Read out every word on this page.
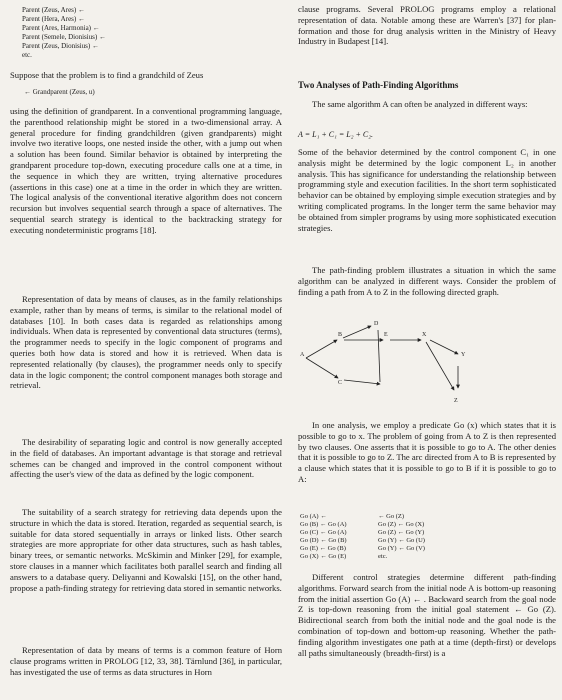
Parent (Zeus, Ares) ←
Parent (Hera, Ares) ←
Parent (Ares, Harmonia) ←
Parent (Semele, Dionisius) ←
Parent (Zeus, Dionisius) ←
etc.

Suppose that the problem is to find a grandchild of Zeus

← Grandparent (Zeus, u)

using the definition of grandparent. In a conventional programming language, the parenthood relationship might be stored in a two-dimensional array. A general procedure for finding grandchildren (given grandparents) might involve two iterative loops, one nested inside the other, with a jump out when a solution has been found. Similar behavior is obtained by interpreting the grandparent procedure top-down, executing procedure calls one at a time, in the sequence in which they are written, trying alternative procedures (assertions in this case) one at a time in the order in which they are written. The logical analysis of the conventional iterative algorithm does not concern recursion but involves sequential search through a space of alternatives. The sequential search strategy is identical to the backtracking strategy for executing nondeterministic programs [18].

Representation of data by means of clauses, as in the family relationships example, rather than by means of terms, is similar to the relational model of databases [10]. In both cases data is regarded as relationships among individuals. When data is represented by conventional data structures (terms), the programmer needs to specify in the logic component of programs and queries both how data is stored and how it is retrieved. When data is represented relationally (by clauses), the programmer needs only to specify data in the logic component; the control component manages both storage and retrieval.

The desirability of separating logic and control is now generally accepted in the field of databases. An important advantage is that storage and retrieval schemes can be changed and improved in the control component without affecting the user's view of the data as defined by the logic component.

The suitability of a search strategy for retrieving data depends upon the structure in which the data is stored. Iteration, regarded as sequential search, is suitable for data stored sequentially in arrays or linked lists. Other search strategies are more appropriate for other data structures, such as hash tables, binary trees, or semantic networks. McSkimin and Minker [29], for example, store clauses in a manner which facilitates both parallel search and finding all answers to a database query. Deliyanni and Kowalski [15], on the other hand, propose a path-finding strategy for retrieving data stored in semantic networks.

Representation of data by means of terms is a common feature of Horn clause programs written in PROLOG [12, 33, 38]. Tärnlund [36], in particular, has investigated the use of terms as data structures in Horn

clause programs. Several PROLOG programs employ a relational representation of data. Notable among these are Warren's [37] for plan-formation and those for drug analysis written in the Ministry of Heavy Industry in Budapest [14].

Two Analyses of Path-Finding Algorithms

The same algorithm A can often be analyzed in different ways:

A = L₁ + C₁ = L₂ + C₂.

Some of the behavior determined by the control component C₁ in one analysis might be determined by the logic component L₂ in another analysis. This has significance for understanding the relationship between programming style and execution facilities. In the short term sophisticated behavior can be obtained by employing simple execution strategies and by writing complicated programs. In the longer term the same behavior may be obtained from simpler programs by using more sophisticated execution strategies.

The path-finding problem illustrates a situation in which the same algorithm can be analyzed in different ways. Consider the problem of finding a path from A to Z in the following directed graph.

D
B	E	X
A	Y
C
Z

In one analysis, we employ a predicate Go (x) which states that it is possible to go to x. The problem of going from A to Z is then represented by two clauses. One asserts that it is possible to go to A. The other denies that it is possible to go to Z. The arc directed from A to B is represented by a clause which states that it is possible to go to B if it is possible to go to A:

Go (A) ←
Go (B) ← Go (A)
Go (C) ← Go (A)
Go (D) ← Go (B)
Go (E) ← Go (B)
Go (X) ← Go (E)
← Go (Z)
Go (Z) ← Go (X)
Go (Z) ← Go (Y)
Go (Y) ← Go (U)
Go (Y) ← Go (V)
etc.

Different control strategies determine different path-finding algorithms. Forward search from the initial node A is bottom-up reasoning from the initial assertion Go (A) ← . Backward search from the goal node Z is top-down reasoning from the initial goal statement ← Go (Z). Bidirectional search from both the initial node and the goal node is the combination of top-down and bottom-up reasoning. Whether the path-finding algorithm investigates one path at a time (depth-first) or develops all paths simultaneously (breadth-first) is a
